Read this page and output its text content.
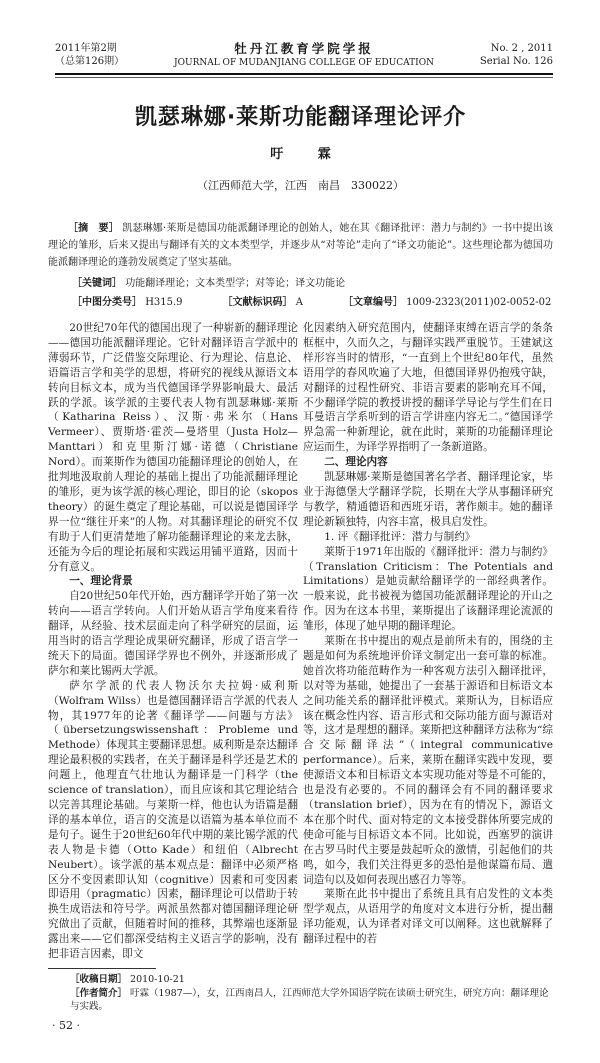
2011年第2期
（总第126期）
牡丹江教育学院学报
JOURNAL OF MUDANJIANG COLLEGE OF EDUCATION
No. 2 , 2011
Serial No. 126
凯瑟琳娜·莱斯功能翻译理论评介
吁 霖
（江西师范大学，江西　南昌　330022）
［摘　要］ 凯瑟琳娜·莱斯是德国功能派翻译理论的创始人，她在其《翻译批评：潜力与制约》一书中提出该理论的雏形，后来又提出与翻译有关的文本类型学，并逐步从“对等论”走向了“译文功能论”。这些理论都为德国功能派翻译理论的蓬勃发展奠定了坚实基础。
［关键词］ 功能翻译理论；文本类型学；对等论；译文功能论
［中图分类号］ H315.9	［文献标识码］ A	［文章编号］ 1009-2323(2011)02-0052-02

20世纪70年代的德国出现了一种崭新的翻译理论——德国功能派翻译理论。它针对翻译语言学派中的薄弱环节，广泛借鉴交际理论、行为理论、信息论、语篇语言学和美学的思想，将研究的视线从源语文本转向目标文本，成为当代德国译学界影响最大、最活跃的学派。该学派的主要代表人物有凯瑟琳娜·莱斯（Katharina Reiss）、汉斯·弗米尔（Hans Vermeer）、贾斯塔·霍茨—曼塔里（Justa Holz—Manttari）和克里斯汀娜·诺德（Christiane Nord）。而莱斯作为德国功能翻译理论的创始人，在批判地汲取前人理论的基础上提出了功能派翻译理论的雏形，更为该学派的核心理论，即目的论（skopos theory）的诞生奠定了理论基础，可以说是德国译学界一位“继往开来”的人物。对其翻译理论的研究不仅有助于人们更清楚地了解功能翻译理论的来龙去脉，还能为今后的理论拓展和实践运用铺平道路，因而十分有意义。

一、理论背景

自20世纪50年代开始，西方翻译学开始了第一次转向——语言学转向。人们开始从语言学角度来看待翻译，从经验、技术层面走向了科学研究的层面，运用当时的语言学理论成果研究翻译，形成了语言学一统天下的局面。德国译学界也不例外，并逐渐形成了萨尔和莱比锡两大学派。

萨尔学派的代表人物沃尔夫拉姆·威利斯（Wolfram Wilss）也是德国翻译语言学派的代表人物，其1977年的论著《翻译学——问题与方法》（übersetzungswissenshaft：Probleme und Methode）体现其主要翻译思想。威利斯是奈达翻译理论最积极的实践者，在关于翻译是科学还是艺术的问题上，他理直气壮地认为翻译是一门科学（the science of translation），而且应该和其它理论结合以完善其理论基础。与莱斯一样，他也认为语篇是翻译的基本单位，语言的交流是以语篇为基本单位而不是句子。诞生于20世纪60年代中期的莱比锡学派的代表人物是卡德（Otto Kade）和纽伯（Albrecht Neubert）。该学派的基本观点是：翻译中必须严格区分不变因素即认知（cognitive）因素和可变因素即语用（pragmatic）因素，翻译理论可以借助于转换生成语法和符号学。两派虽然都对德国翻译理论研究做出了贡献，但随着时间的推移，其弊端也逐渐显露出来——它们都深受结构主义语言学的影响，没有把非语言因素，即文

化因素纳入研究范围内，使翻译束缚在语言学的条条框框中，久而久之，与翻译实践严重脱节。王建斌这样形容当时的情形，“一直到上个世纪80年代，虽然语用学的春风吹遍了大地，但德国译界仍抱残守缺，对翻译的过程性研究、非语言要素的影响充耳不闻，不少翻译学院的教授讲授的翻译学导论与学生们在日耳曼语言学系听到的语言学讲座内容无二。”德国译学界急需一种新理论，就在此时，莱斯的功能翻译理论应运而生，为译学界指明了一条新道路。

二、理论内容

凯瑟琳娜·莱斯是德国著名学者、翻译理论家，毕业于海德堡大学翻译学院，长期在大学从事翻译研究与教学，精通德语和西班牙语，著作颇丰。她的翻译理论新颖独特，内容丰富，极具启发性。

1. 评《翻译批评：潜力与制约》

莱斯于1971年出版的《翻译批评：潜力与制约》（Translation Criticism：The Potentials and Limitations）是她贡献给翻译学的一部经典著作。一般来说，此书被视为德国功能派翻译理论的开山之作。因为在这本书里，莱斯提出了该翻译理论流派的雏形，体现了她早期的翻译理论。

莱斯在书中提出的观点是前所未有的，围绕的主题是如何为系统地评价译文制定出一套可靠的标准。她首次将功能范畴作为一种客观方法引入翻译批评，以对等为基础，她提出了一套基于源语和目标语文本之间功能关系的翻译批评模式。莱斯认为，目标语应该在概念性内容、语言形式和交际功能方面与源语对等，这才是理想的翻译。莱斯把这种翻译方法称为“综合交际翻译法”（integral communicative performance）。后来，莱斯在翻译实践中发现，要使源语文本和目标语文本实现功能对等是不可能的，也是没有必要的。不同的翻译会有不同的翻译要求（translation brief），因为在有的情况下，源语文本在那个时代、面对特定的文本接受群体所要完成的使命可能与目标语文本不同。比如说，西塞罗的演讲在古罗马时代主要是鼓起听众的激情，引起他们的共鸣，如今，我们关注得更多的恐怕是他谋篇布局、遣词造句以及如何表现出感召力等等。

莱斯在此书中提出了系统且具有启发性的文本类型学观点，从语用学的角度对文本进行分析，提出翻译功能观，认为译者对译文可以阐释。这也就解释了翻译过程中的若

［收稿日期］ 2010-10-21
［作者简介］ 吁霖（1987—），女，江西南昌人，江西师范大学外国语学院在读硕士研究生，研究方向：翻译理论与实践。
· 52 ·
